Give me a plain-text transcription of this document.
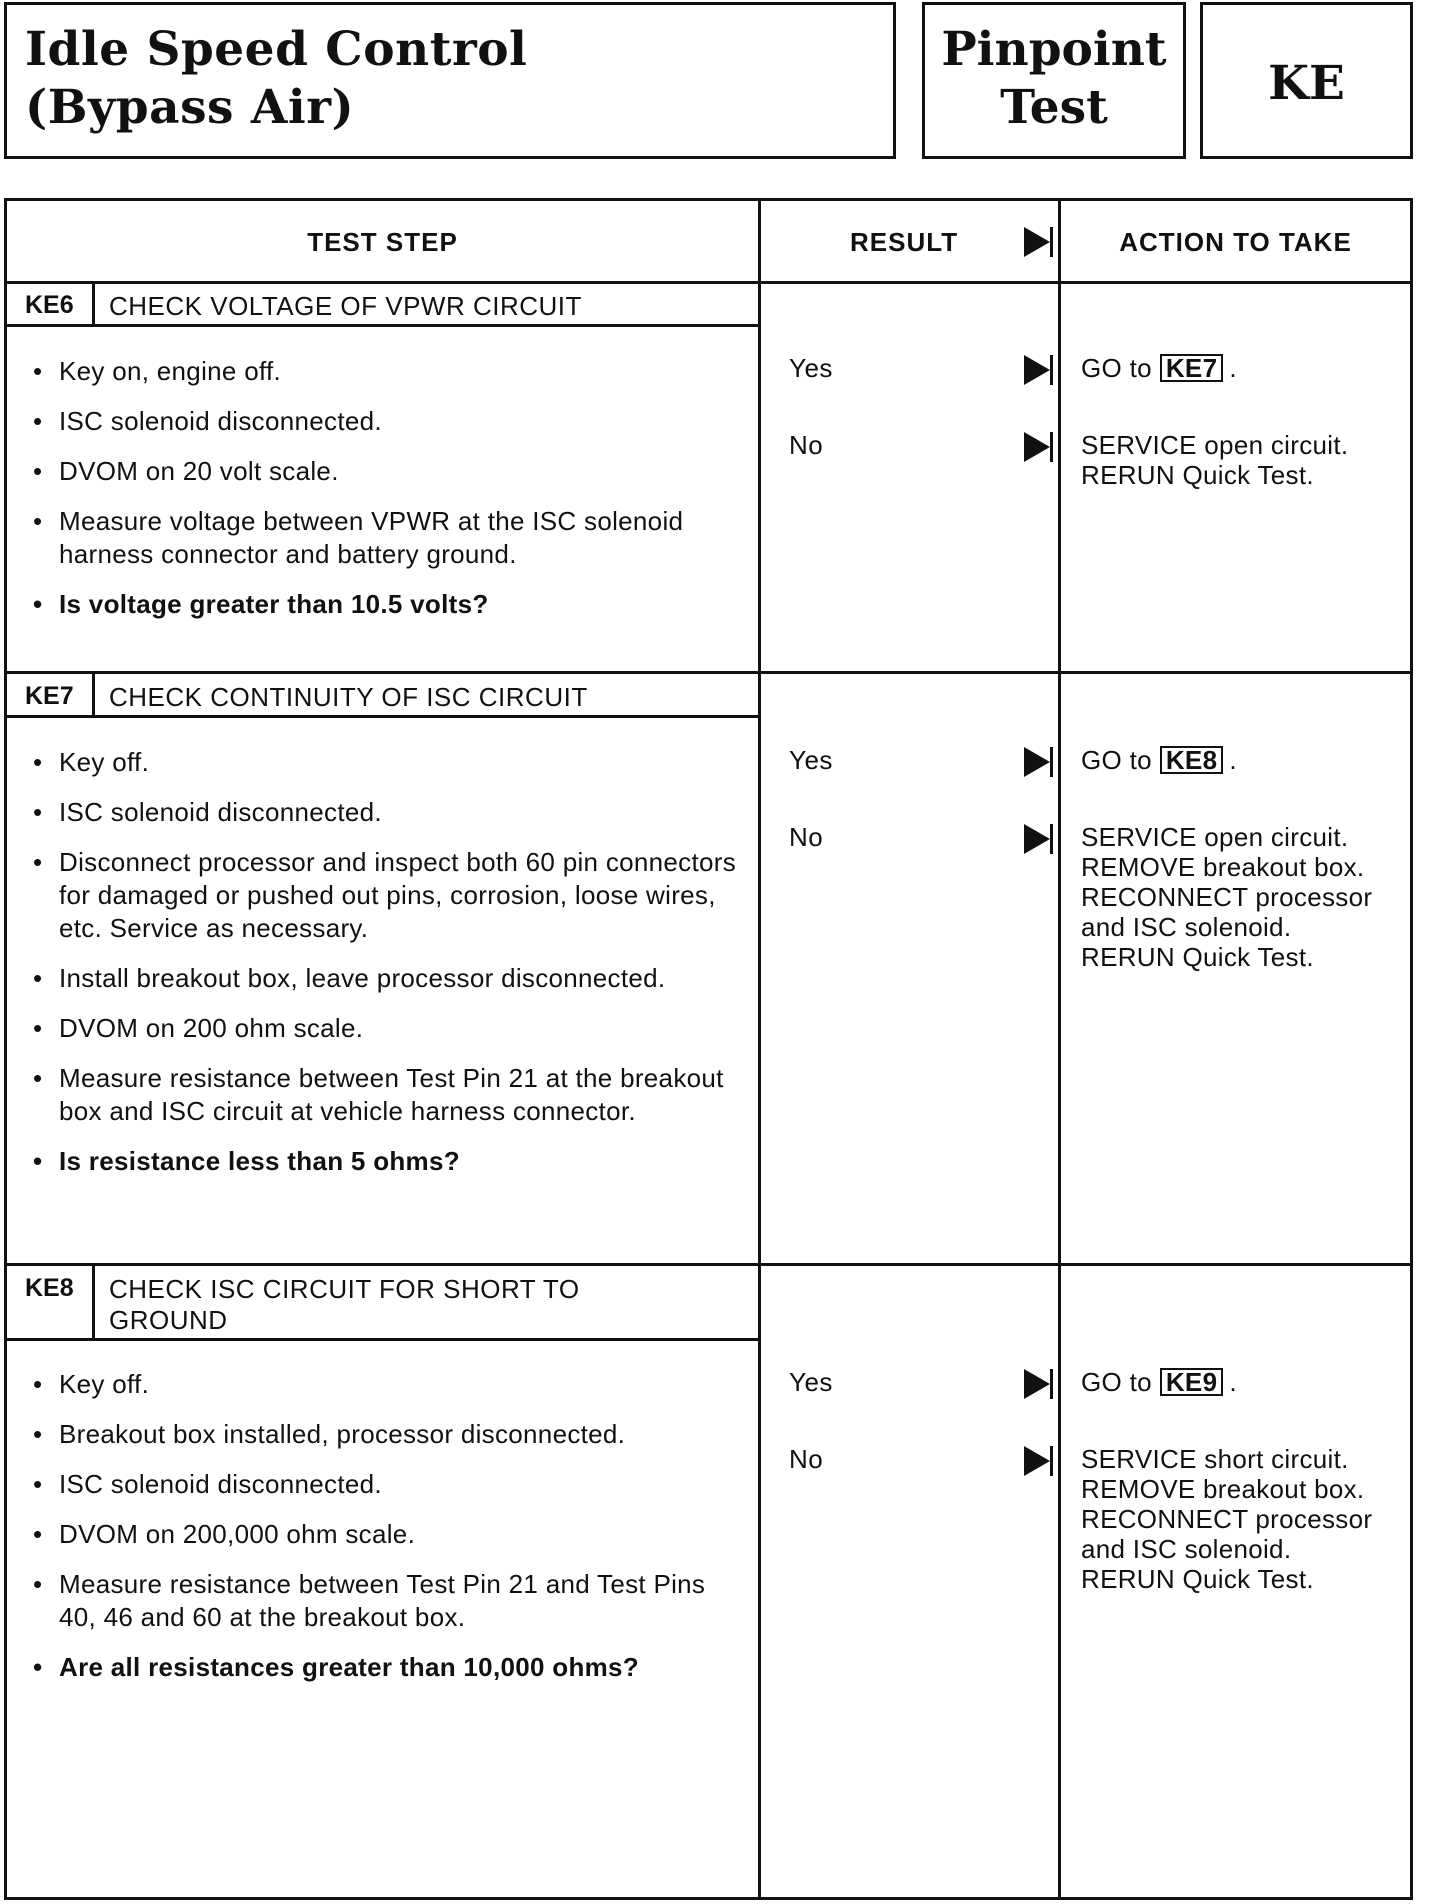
Idle Speed Control
(Bypass Air)
Pinpoint
Test	KE
TEST STEP	RESULT	ACTION TO TAKE
KE6 CHECK VOLTAGE OF VPWR CIRCUIT
• Key on, engine off.
• ISC solenoid disconnected.
• DVOM on 20 volt scale.
• Measure voltage between VPWR at the ISC solenoid harness connector and battery ground.
• Is voltage greater than 10.5 volts?
Yes	GO to KE7 .
No	SERVICE open circuit.
RERUN Quick Test.
KE7 CHECK CONTINUITY OF ISC CIRCUIT
• Key off.
• ISC solenoid disconnected.
• Disconnect processor and inspect both 60 pin connectors for damaged or pushed out pins, corrosion, loose wires, etc. Service as necessary.
• Install breakout box, leave processor disconnected.
• DVOM on 200 ohm scale.
• Measure resistance between Test Pin 21 at the breakout box and ISC circuit at vehicle harness connector.
• Is resistance less than 5 ohms?
Yes	GO to KE8 .
No	SERVICE open circuit.
REMOVE breakout box.
RECONNECT processor
and ISC solenoid.
RERUN Quick Test.
KE8 CHECK ISC CIRCUIT FOR SHORT TO GROUND
• Key off.
• Breakout box installed, processor disconnected.
• ISC solenoid disconnected.
• DVOM on 200,000 ohm scale.
• Measure resistance between Test Pin 21 and Test Pins 40, 46 and 60 at the breakout box.
• Are all resistances greater than 10,000 ohms?
Yes	GO to KE9 .
No	SERVICE short circuit.
REMOVE breakout box.
RECONNECT processor
and ISC solenoid.
RERUN Quick Test.
